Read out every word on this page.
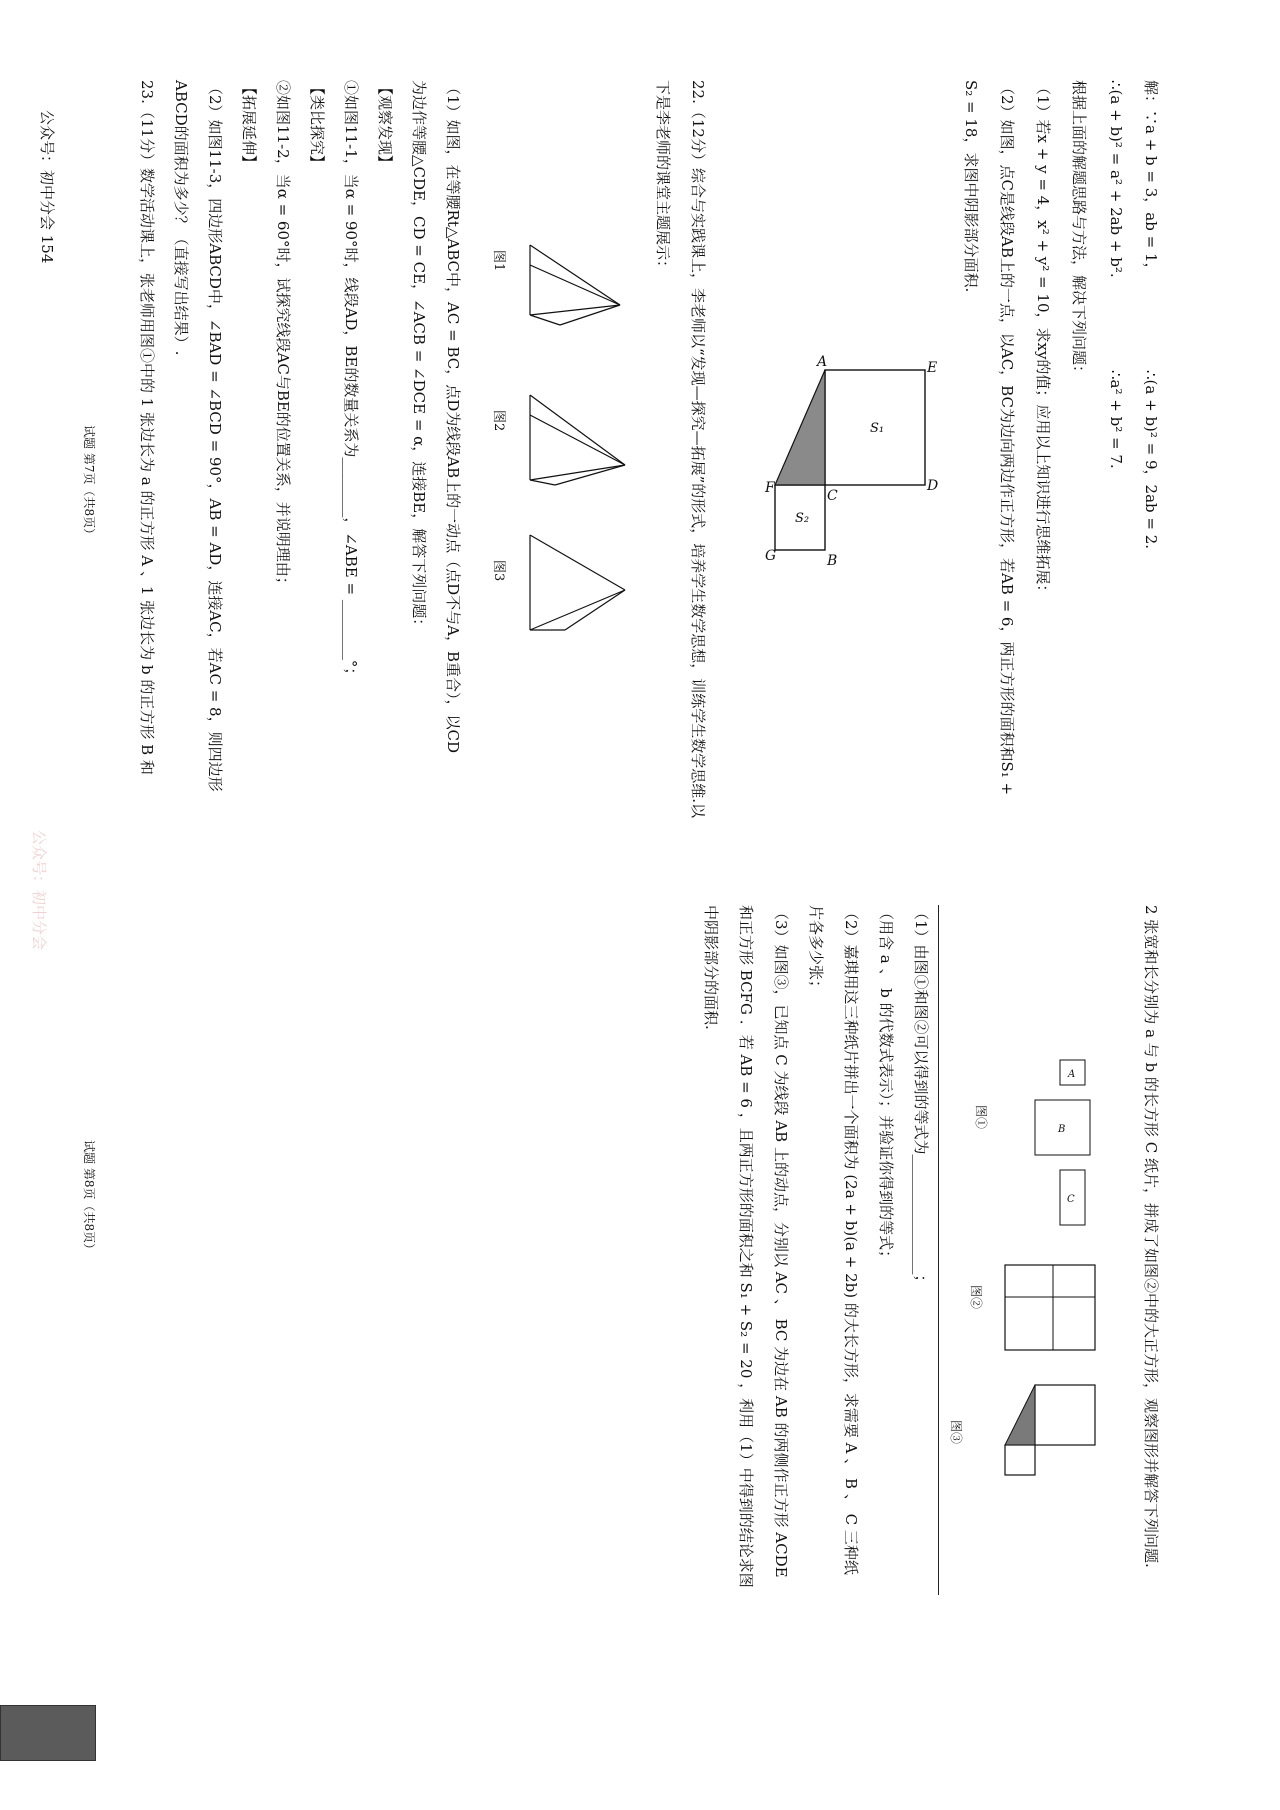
解：∵a + b = 3，ab = 1，
∴(a + b)² = 9，2ab = 2.
∴(a + b)² = a² + 2ab + b².
∴a² + b² = 7.
根据上面的解题思路与方法，解决下列问题：
（1）若x + y = 4，x² + y² = 10，求xy的值；应用以上知识进行思维拓展：
（2）如图，点C是线段AB上的一点，以AC，BC为边向两边作正方形，若AB = 6，两正方形的面积和S₁ +
S₂ = 18，求图中阴影部分面积.
E
D
A
C
F
G	B
S₁
S₂
22.（12分）综合与实践课上，李老师以“发现—探究—拓展”的形式，培养学生数学思想，训练学生数学思维.以
下是李老师的课堂主题展示：
图1
图2
图3
（1）如图，在等腰Rt△ABC中，AC = BC，点D为线段AB上的一动点（点D不与A，B重合），以CD
为边作等腰△CDE，CD = CE，∠ACB = ∠DCE = α，连接BE，解答下列问题：
【观察发现】
①如图11-1，当α = 90°时，线段AD，BE的数量关系为________，∠ABE = ________°；
【类比探究】
②如图11-2，当α = 60°时，试探究线段AC与BE的位置关系，并说明理由；
【拓展延伸】
（2）如图11-3，四边形ABCD中，∠BAD = ∠BCD = 90°，AB = AD，连接AC，若AC = 8，则四边形
ABCD的面积为多少？（直接写出结果）.
23.（11分）数学活动课上，张老师用图①中的 1 张边长为 a 的正方形 A 、1 张边长为 b 的正方形 B 和
试题 第7页（共8页）
公众号：初中分会 154
2 张宽和长分别为 a 与 b 的长方形 C 纸片，拼成了如图②中的大正方形，观察图形并解答下列问题.
A
B
C
图①
图②
图③
（1）由图①和图②可以得到的等式为________________；
（用含 a 、 b 的代数式表示）；并验证你得到的等式；
（2）嘉琪用这三种纸片拼出一个面积为 (2a + b)(a + 2b) 的大长方形，求需要 A 、 B 、 C 三种纸
片各多少张；
（3）如图③，已知点 C 为线段 AB 上的动点，分别以 AC 、 BC 为边在 AB 的两侧作正方形 ACDE
和正方形 BCFG ．若 AB = 6 ，且两正方形的面积之和 S₁ + S₂ = 20 ，利用（1）中得到的结论求图
中阴影部分的面积.
公众号：初中分会
试题 第8页（共8页）
